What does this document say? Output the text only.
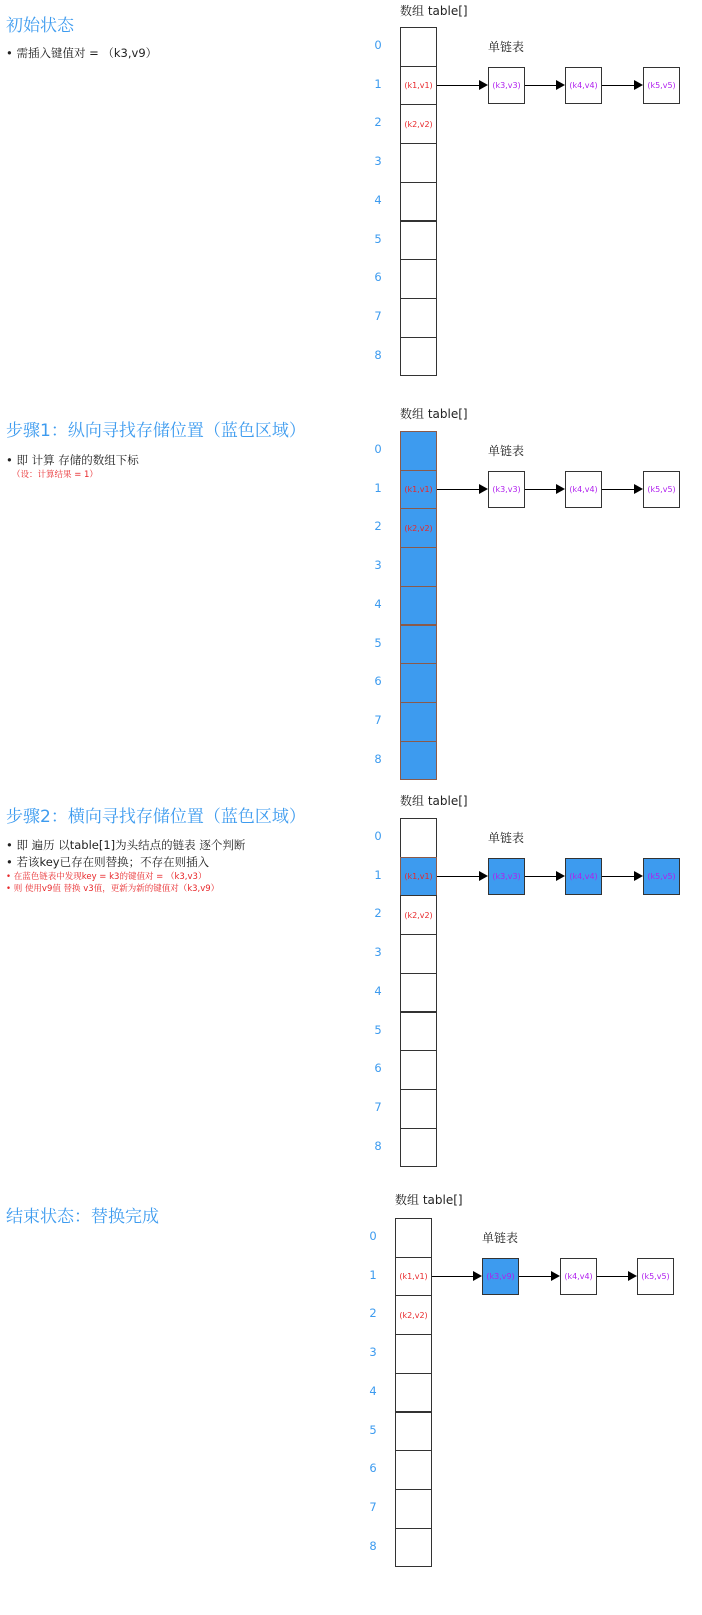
初始状态
• 需插入键值对 = （k3,v9）
数组 table[]
单链表
0
1	(k1,v1)
2	(k2,v2)
3
4
5
6
7
8
(k3,v3)	(k4,v4)	(k5,v5)
步骤1：纵向寻找存储位置（蓝色区域）
• 即 计算 存储的数组下标
（设：计算结果 = 1）
数组 table[]
单链表
0
1	(k1,v1)
2	(k2,v2)
3
4
5
6
7
8
(k3,v3)	(k4,v4)	(k5,v5)
步骤2：横向寻找存储位置（蓝色区域）
• 即 遍历 以table[1]为头结点的链表 逐个判断
• 若该key已存在则替换；不存在则插入
• 在蓝色链表中发现key = k3的键值对 = （k3,v3）
• 则 使用v9值 替换 v3值，更新为新的键值对（k3,v9）
数组 table[]
单链表
0
1	(k1,v1)
2	(k2,v2)
3
4
5
6
7
8
(k3,v3)	(k4,v4)	(k5,v5)
结束状态：替换完成
数组 table[]
单链表
0
1	(k1,v1)
2	(k2,v2)
3
4
5
6
7
8
(k3,v9)	(k4,v4)	(k5,v5)
